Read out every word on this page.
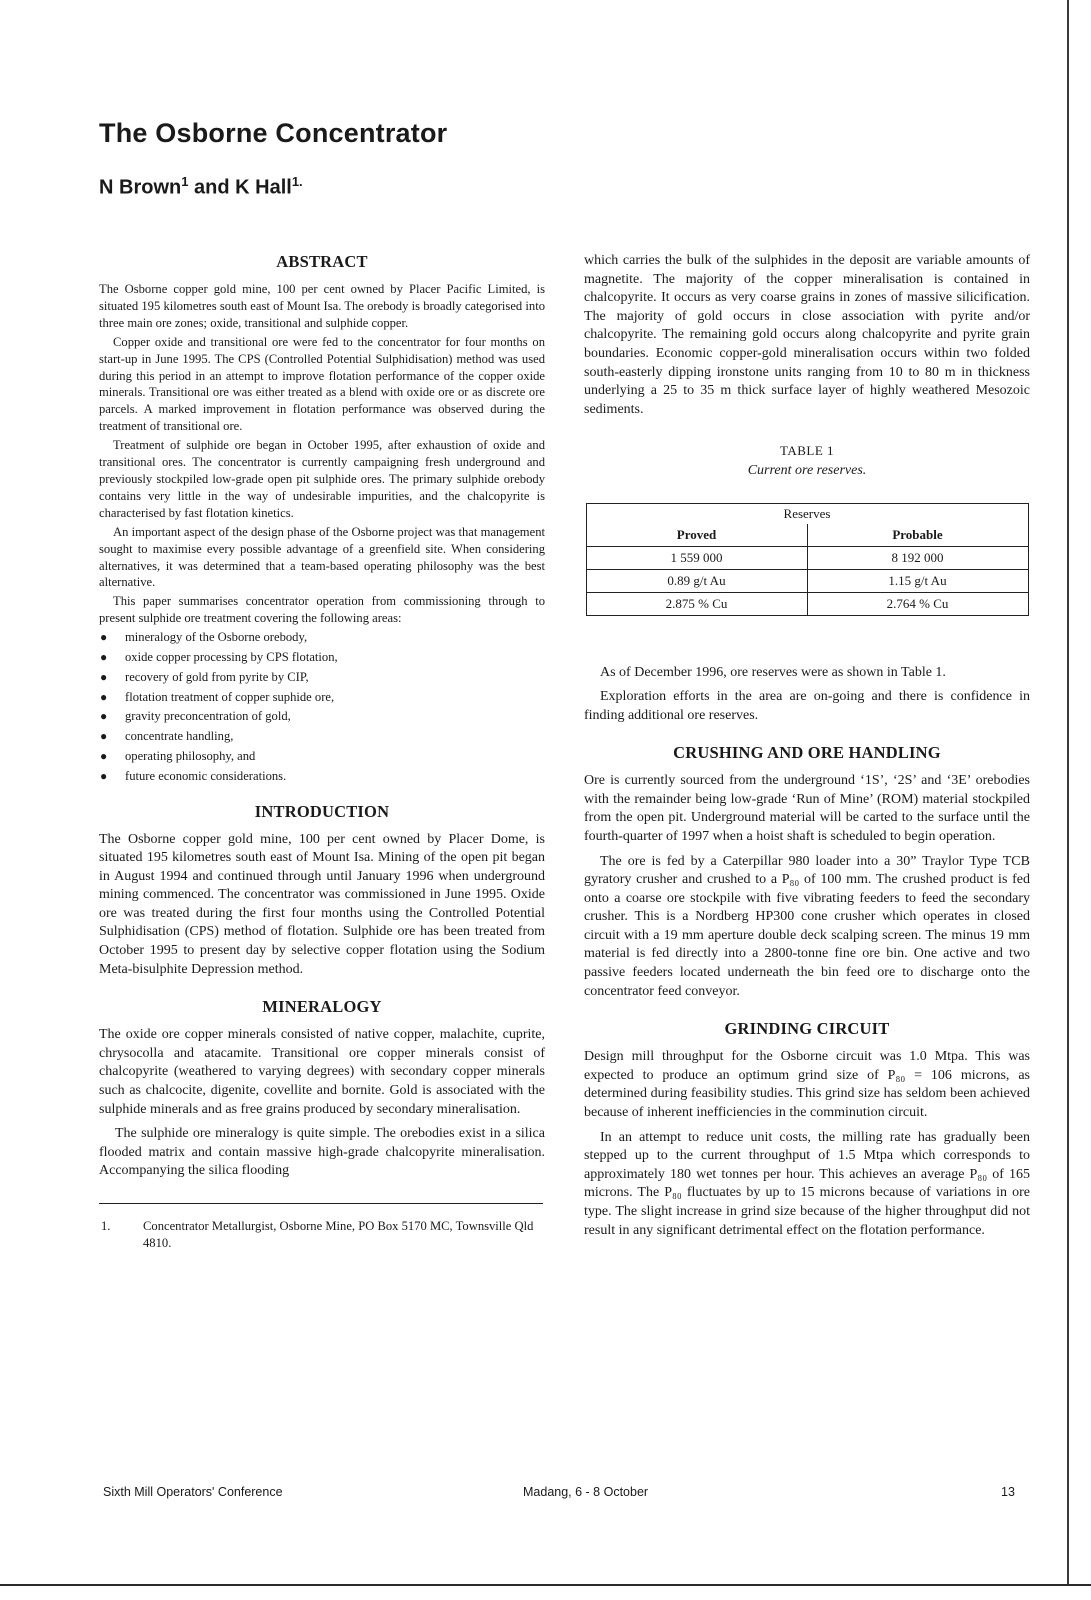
The Osborne Concentrator
N Brown$^1$ and K Hall$^{1.}$
ABSTRACT

The Osborne copper gold mine, 100 per cent owned by Placer Pacific Limited, is situated 195 kilometres south east of Mount Isa. The orebody is broadly categorised into three main ore zones; oxide, transitional and sulphide copper.

Copper oxide and transitional ore were fed to the concentrator for four months on start-up in June 1995. The CPS (Controlled Potential Sulphidisation) method was used during this period in an attempt to improve flotation performance of the copper oxide minerals. Transitional ore was either treated as a blend with oxide ore or as discrete ore parcels. A marked improvement in flotation performance was observed during the treatment of transitional ore.

Treatment of sulphide ore began in October 1995, after exhaustion of oxide and transitional ores. The concentrator is currently campaigning fresh underground and previously stockpiled low-grade open pit sulphide ores. The primary sulphide orebody contains very little in the way of undesirable impurities, and the chalcopyrite is characterised by fast flotation kinetics.

An important aspect of the design phase of the Osborne project was that management sought to maximise every possible advantage of a greenfield site. When considering alternatives, it was determined that a team-based operating philosophy was the best alternative.

This paper summarises concentrator operation from commissioning through to present sulphide ore treatment covering the following areas:

● mineralogy of the Osborne orebody,
● oxide copper processing by CPS flotation,
● recovery of gold from pyrite by CIP,
● flotation treatment of copper suphide ore,
● gravity preconcentration of gold,
● concentrate handling,
● operating philosophy, and
● future economic considerations.
INTRODUCTION

The Osborne copper gold mine, 100 per cent owned by Placer Dome, is situated 195 kilometres south east of Mount Isa. Mining of the open pit began in August 1994 and continued through until January 1996 when underground mining commenced. The concentrator was commissioned in June 1995. Oxide ore was treated during the first four months using the Controlled Potential Sulphidisation (CPS) method of flotation. Sulphide ore has been treated from October 1995 to present day by selective copper flotation using the Sodium Meta-bisulphite Depression method.

MINERALOGY

The oxide ore copper minerals consisted of native copper, malachite, cuprite, chrysocolla and atacamite. Transitional ore copper minerals consist of chalcopyrite (weathered to varying degrees) with secondary copper minerals such as chalcocite, digenite, covellite and bornite. Gold is associated with the sulphide minerals and as free grains produced by secondary mineralisation.

The sulphide ore mineralogy is quite simple. The orebodies exist in a silica flooded matrix and contain massive high-grade chalcopyrite mineralisation. Accompanying the silica flooding

1.	Concentrator Metallurgist, Osborne Mine, PO Box 5170 MC, Townsville Qld 4810.

which carries the bulk of the sulphides in the deposit are variable amounts of magnetite. The majority of the copper mineralisation is contained in chalcopyrite. It occurs as very coarse grains in zones of massive silicification. The majority of gold occurs in close association with pyrite and/or chalcopyrite. The remaining gold occurs along chalcopyrite and pyrite grain boundaries. Economic copper-gold mineralisation occurs within two folded south-easterly dipping ironstone units ranging from 10 to 80 m in thickness underlying a 25 to 35 m thick surface layer of highly weathered Mesozoic sediments.

TABLE 1
Current ore reserves.
Reserves	
Proved	Probable
1 559 000	8 192 000
0.89 g/t Au	1.15 g/t Au
2.875 % Cu	2.764 % Cu

As of December 1996, ore reserves were as shown in Table 1.

Exploration efforts in the area are on-going and there is confidence in finding additional ore reserves.

CRUSHING AND ORE HANDLING

Ore is currently sourced from the underground ‘1S’, ‘2S’ and ‘3E’ orebodies with the remainder being low-grade ‘Run of Mine’ (ROM) material stockpiled from the open pit. Underground material will be carted to the surface until the fourth-quarter of 1997 when a hoist shaft is scheduled to begin operation.

The ore is fed by a Caterpillar 980 loader into a 30” Traylor Type TCB gyratory crusher and crushed to a P₈₀ of 100 mm. The crushed product is fed onto a coarse ore stockpile with five vibrating feeders to feed the secondary crusher. This is a Nordberg HP300 cone crusher which operates in closed circuit with a 19 mm aperture double deck scalping screen. The minus 19 mm material is fed directly into a 2800-tonne fine ore bin. One active and two passive feeders located underneath the bin feed ore to discharge onto the concentrator feed conveyor.

GRINDING CIRCUIT

Design mill throughput for the Osborne circuit was 1.0 Mtpa. This was expected to produce an optimum grind size of P₈₀ = 106 microns, as determined during feasibility studies. This grind size has seldom been achieved because of inherent inefficiencies in the comminution circuit.

In an attempt to reduce unit costs, the milling rate has gradually been stepped up to the current throughput of 1.5 Mtpa which corresponds to approximately 180 wet tonnes per hour. This achieves an average P₈₀ of 165 microns. The P₈₀ fluctuates by up to 15 microns because of variations in ore type. The slight increase in grind size because of the higher throughput did not result in any significant detrimental effect on the flotation performance.

Sixth Mill Operators' Conference	Madang, 6 - 8 October	13
